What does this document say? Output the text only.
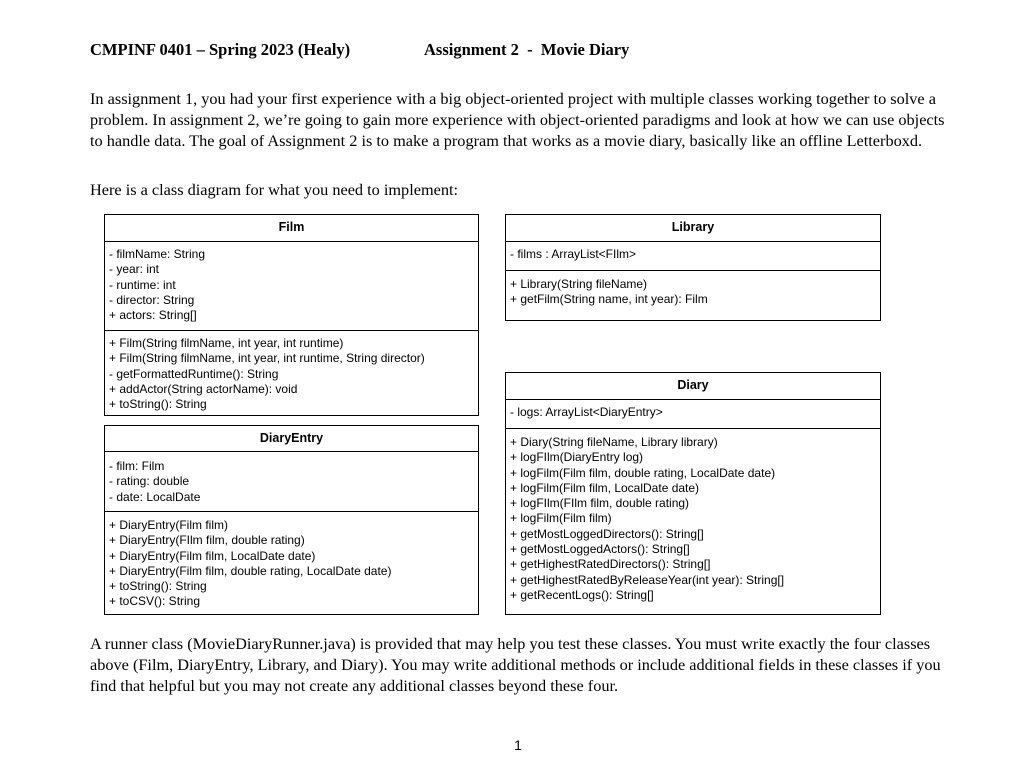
CMPINF 0401 – Spring 2023 (Healy)	Assignment 2  -  Movie Diary

In assignment 1, you had your first experience with a big object-oriented project with multiple classes working together to solve a problem. In assignment 2, we’re going to gain more experience with object-oriented paradigms and look at how we can use objects to handle data. The goal of Assignment 2 is to make a program that works as a movie diary, basically like an offline Letterboxd.

Here is a class diagram for what you need to implement:

Film
- filmName: String
- year: int
- runtime: int
- director: String
+ actors: String[]
+ Film(String filmName, int year, int runtime)
+ Film(String filmName, int year, int runtime, String director)
- getFormattedRuntime(): String
+ addActor(String actorName): void
+ toString(): String
DiaryEntry
- film: Film
- rating: double
- date: LocalDate
+ DiaryEntry(Film film)
+ DiaryEntry(FIlm film, double rating)
+ DiaryEntry(Film film, LocalDate date)
+ DiaryEntry(Film film, double rating, LocalDate date)
+ toString(): String
+ toCSV(): String
Library
- films : ArrayList<FIlm>
+ Library(String fileName)
+ getFilm(String name, int year): Film
Diary
- logs: ArrayList<DiaryEntry>
+ Diary(String fileName, Library library)
+ logFIlm(DiaryEntry log)
+ logFilm(Film film, double rating, LocalDate date)
+ logFilm(Film film, LocalDate date)
+ logFIlm(FIlm film, double rating)
+ logFilm(Film film)
+ getMostLoggedDirectors(): String[]
+ getMostLoggedActors(): String[]
+ getHighestRatedDirectors(): String[]
+ getHighestRatedByReleaseYear(int year): String[]
+ getRecentLogs(): String[]

A runner class (MovieDiaryRunner.java) is provided that may help you test these classes. You must write exactly the four classes above (Film, DiaryEntry, Library, and Diary). You may write additional methods or include additional fields in these classes if you find that helpful but you may not create any additional classes beyond these four.

1
